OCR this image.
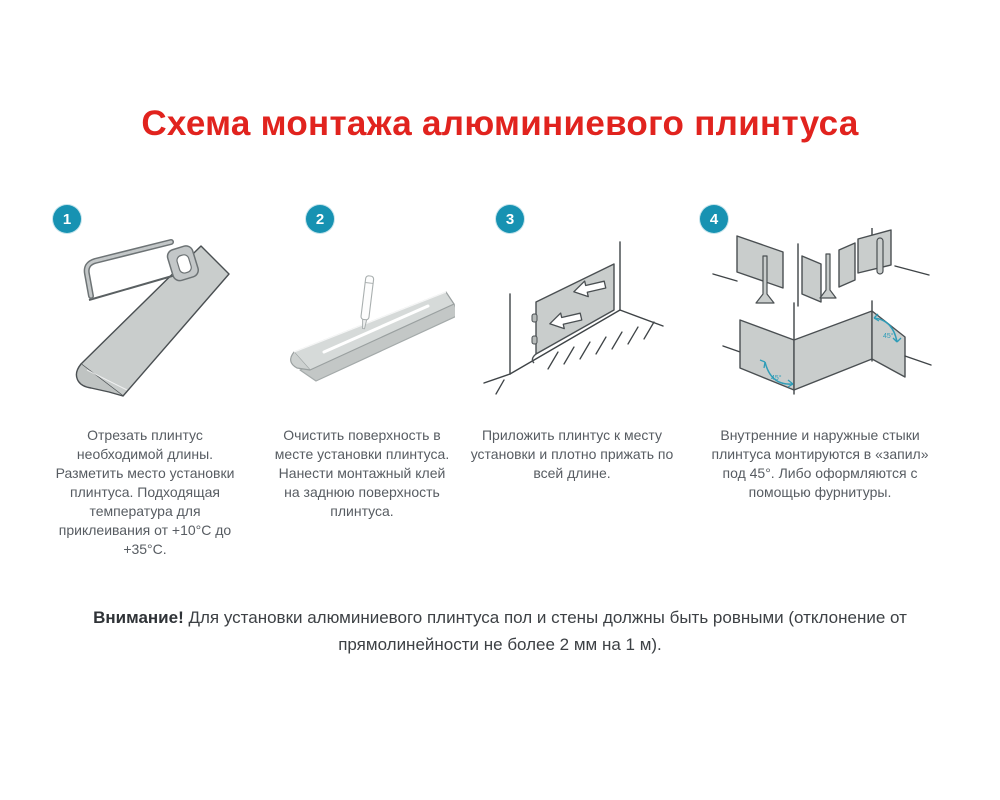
Схема монтажа алюминиевого плинтуса
1

Отрезать плинтус необходимой длины. Разметить место установки плинтуса. Подходящая температура для приклеивания от +10°С до +35°С.

2

Очистить поверхность в месте установки плинтуса. Нанести монтажный клей на заднюю поверхность плинтуса.

3

Приложить плинтус к месту установки и плотно прижать по всей длине.

4
45°
45°

Внутренние и наружные стыки плинтуса монтируются в «запил» под 45°. Либо оформляются с помощью фурнитуры.

Внимание! Для установки алюминиевого плинтуса пол и стены должны быть ровными (отклонение от прямолинейности не более 2 мм на 1 м).
